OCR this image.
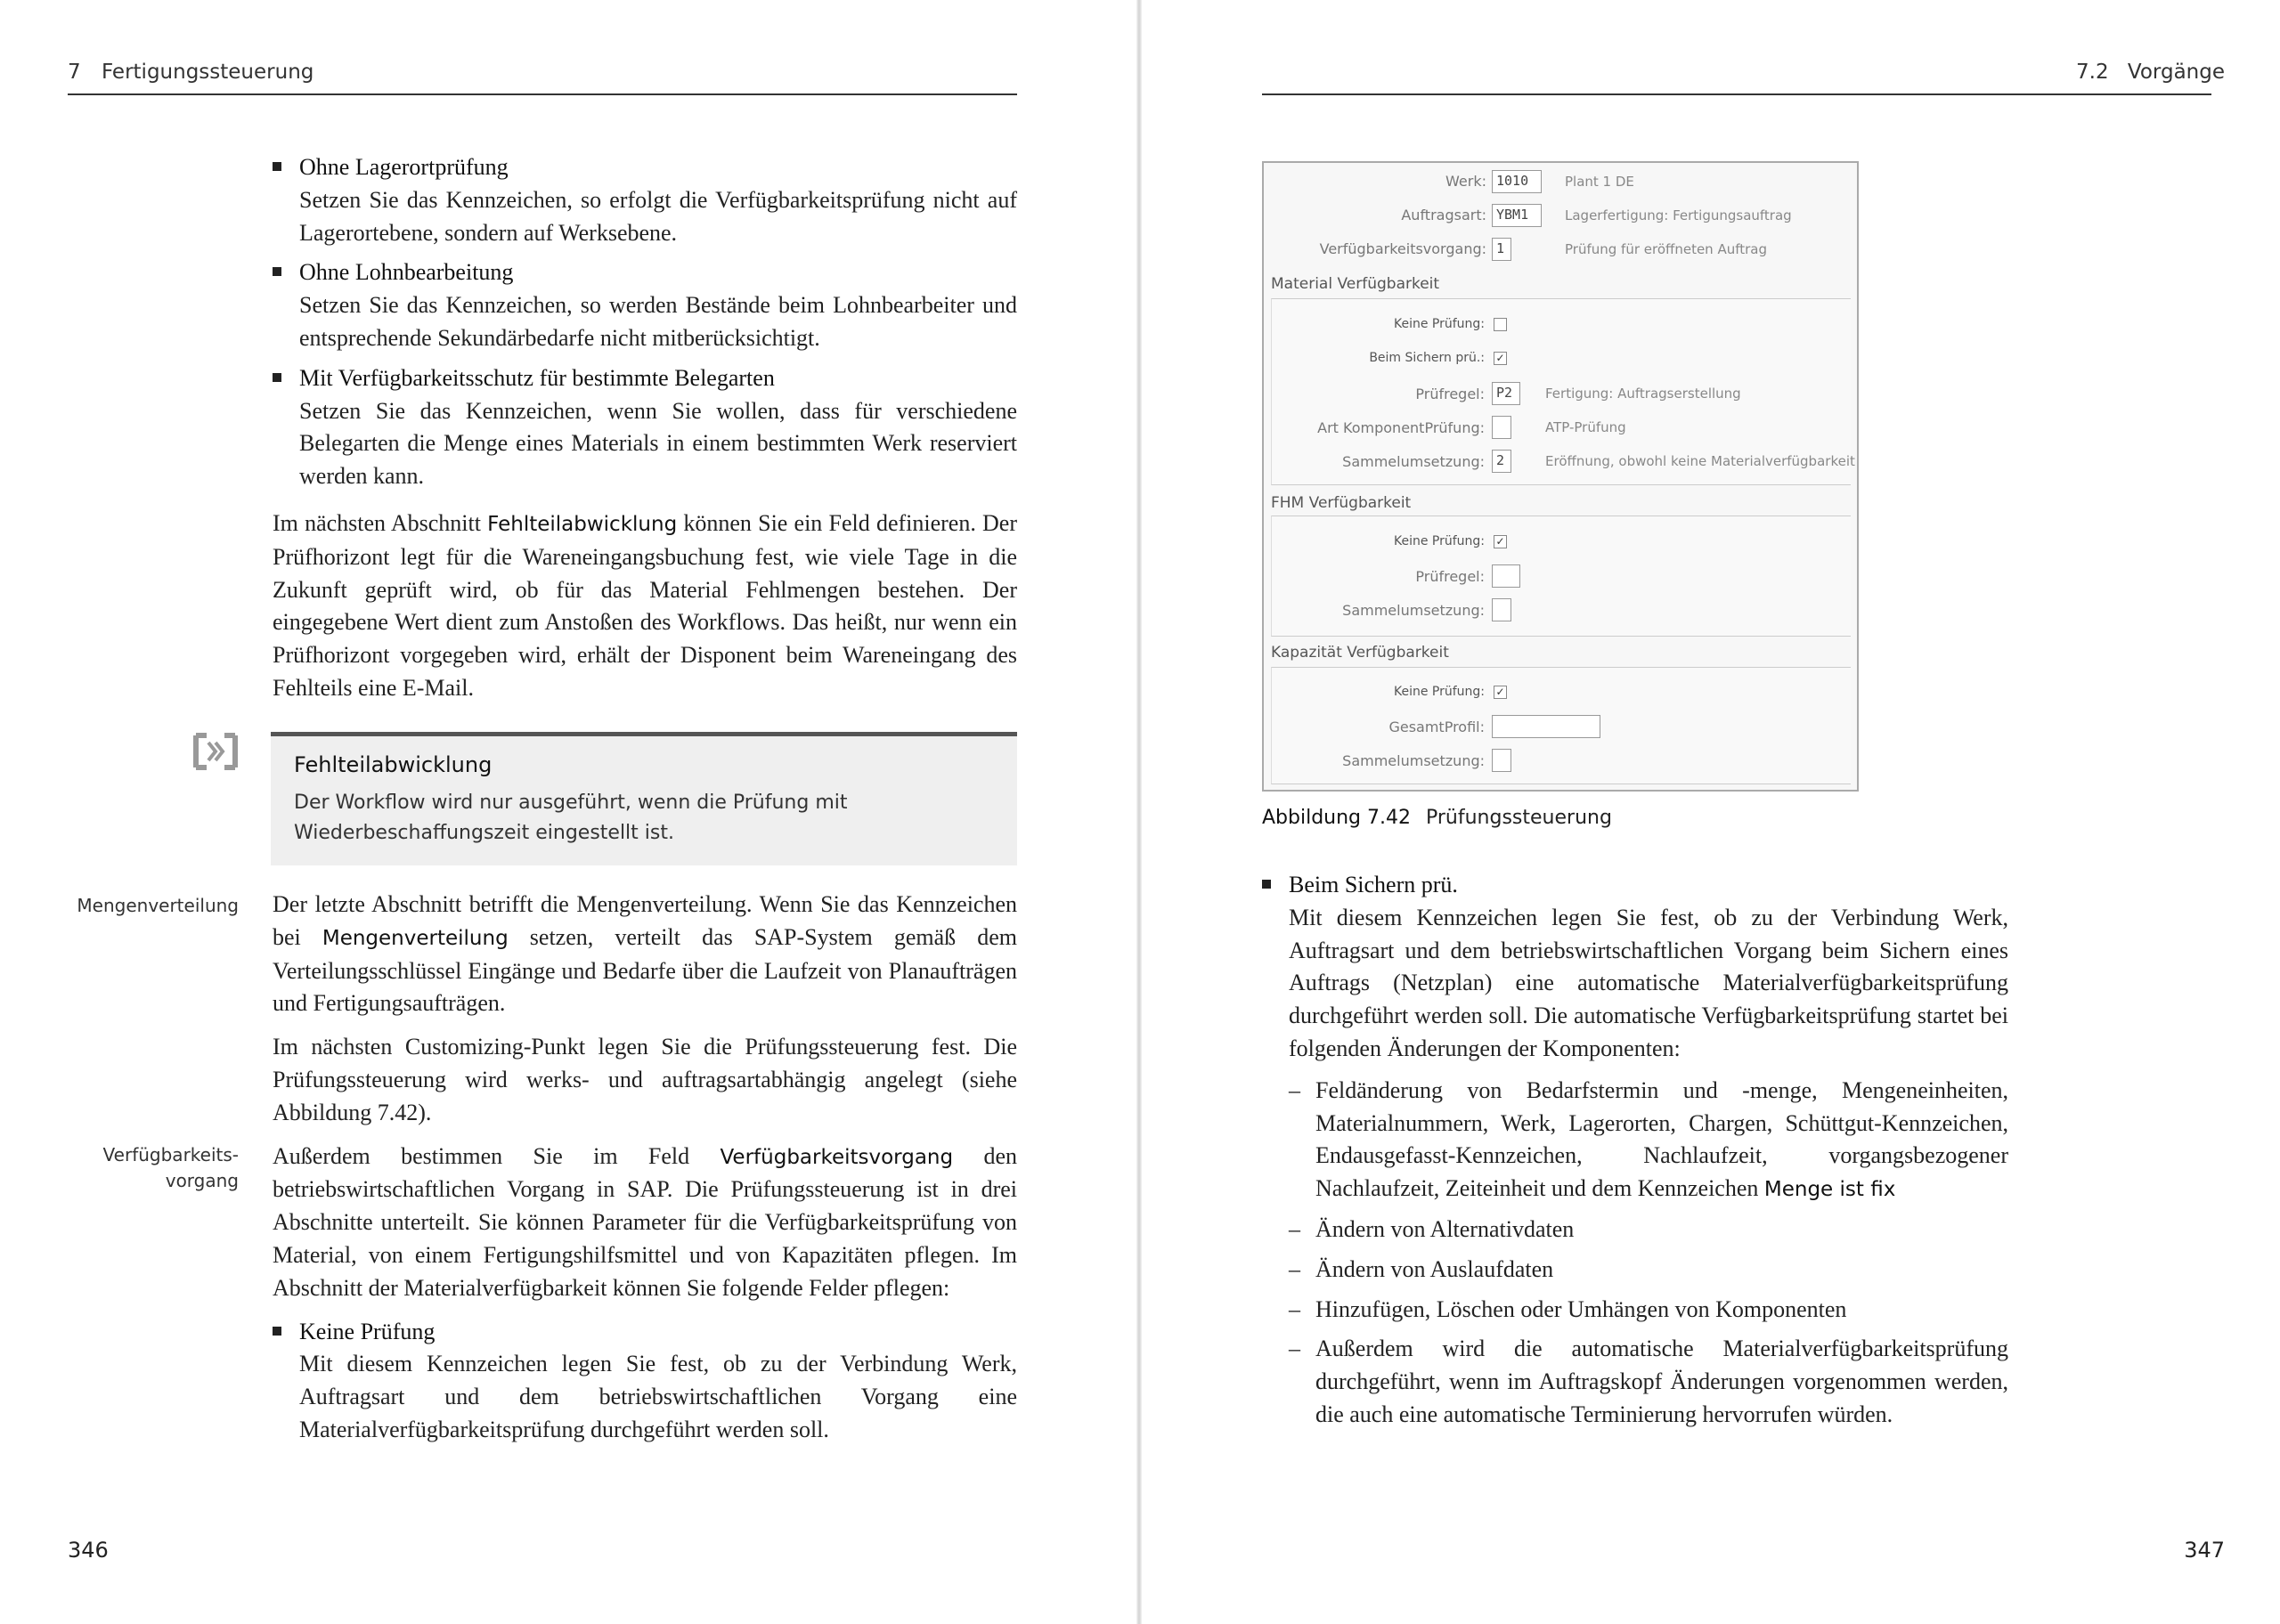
7 Fertigungssteuerung
Ohne Lagerortprüfung
Setzen Sie das Kennzeichen, so erfolgt die Verfügbarkeitsprüfung nicht auf Lagerortebene, sondern auf Werksebene.
Ohne Lohnbearbeitung
Setzen Sie das Kennzeichen, so werden Bestände beim Lohnbearbeiter und entsprechende Sekundärbedarfe nicht mitberücksichtigt.
Mit Verfügbarkeitsschutz für bestimmte Belegarten
Setzen Sie das Kennzeichen, wenn Sie wollen, dass für verschiedene Belegarten die Menge eines Materials in einem bestimmten Werk reserviert werden kann.

Im nächsten Abschnitt Fehlteilabwicklung können Sie ein Feld definieren. Der Prüfhorizont legt für die Wareneingangsbuchung fest, wie viele Tage in die Zukunft geprüft wird, ob für das Material Fehlmengen bestehen. Der eingegebene Wert dient zum Anstoßen des Workflows. Das heißt, nur wenn ein Prüfhorizont vorgegeben wird, erhält der Disponent beim Wareneingang des Fehlteils eine E-Mail.

Fehlteilabwicklung
Der Workflow wird nur ausgeführt, wenn die Prüfung mit Wiederbeschaffungszeit eingestellt ist.
Mengenverteilung
Verfügbarkeits-
vorgang

Der letzte Abschnitt betrifft die Mengenverteilung. Wenn Sie das Kennzeichen bei Mengenverteilung setzen, verteilt das SAP-System gemäß dem Verteilungsschlüssel Eingänge und Bedarfe über die Laufzeit von Planaufträgen und Fertigungsaufträgen.

Im nächsten Customizing-Punkt legen Sie die Prüfungssteuerung fest. Die Prüfungssteuerung wird werks- und auftragsartabhängig angelegt (siehe Abbildung 7.42).

Außerdem bestimmen Sie im Feld Verfügbarkeitsvorgang den betriebswirtschaftlichen Vorgang in SAP. Die Prüfungssteuerung ist in drei Abschnitte unterteilt. Sie können Parameter für die Verfügbarkeitsprüfung von Material, von einem Fertigungshilfsmittel und von Kapazitäten pflegen. Im Abschnitt der Materialverfügbarkeit können Sie folgende Felder pflegen:

Keine Prüfung
Mit diesem Kennzeichen legen Sie fest, ob zu der Verbindung Werk, Auftragsart und dem betriebswirtschaftlichen Vorgang eine Materialverfügbarkeitsprüfung durchgeführt werden soll.
346
7.2 Vorgänge
347
Werk: 1010	Plant 1 DE
Auftragsart: YBM1	Lagerfertigung: Fertigungsauftrag
Verfügbarkeitsvorgang: 1	Prüfung für eröffneten Auftrag
Material Verfügbarkeit
Keine Prüfung:
Beim Sichern prü.: ✓
Prüfregel: P2	Fertigung: Auftragserstellung
Art KomponentPrüfung:	ATP-Prüfung
Sammelumsetzung: 2	Eröffnung, obwohl keine Materialverfügbarkeit
FHM Verfügbarkeit
Keine Prüfung: ✓
Prüfregel:
Sammelumsetzung:
Kapazität Verfügbarkeit
Keine Prüfung: ✓
GesamtProfil:
Sammelumsetzung:
Abbildung 7.42 Prüfungssteuerung
Beim Sichern prü.
Mit diesem Kennzeichen legen Sie fest, ob zu der Verbindung Werk, Auftragsart und dem betriebswirtschaftlichen Vorgang beim Sichern eines Auftrags (Netzplan) eine automatische Materialverfügbarkeitsprüfung durchgeführt werden soll. Die automatische Verfügbarkeitsprüfung startet bei folgenden Änderungen der Komponenten:
– Feldänderung von Bedarfstermin und -menge, Mengeneinheiten, Materialnummern, Werk, Lagerorten, Chargen, Schüttgut-Kennzeichen, Endausgefasst-Kennzeichen, Nachlaufzeit, vorgangsbezogener Nachlaufzeit, Zeiteinheit und dem Kennzeichen Menge ist fix
– Ändern von Alternativdaten
– Ändern von Auslaufdaten
– Hinzufügen, Löschen oder Umhängen von Komponenten
– Außerdem wird die automatische Materialverfügbarkeitsprüfung durchgeführt, wenn im Auftragskopf Änderungen vorgenommen werden, die auch eine automatische Terminierung hervorrufen würden.
